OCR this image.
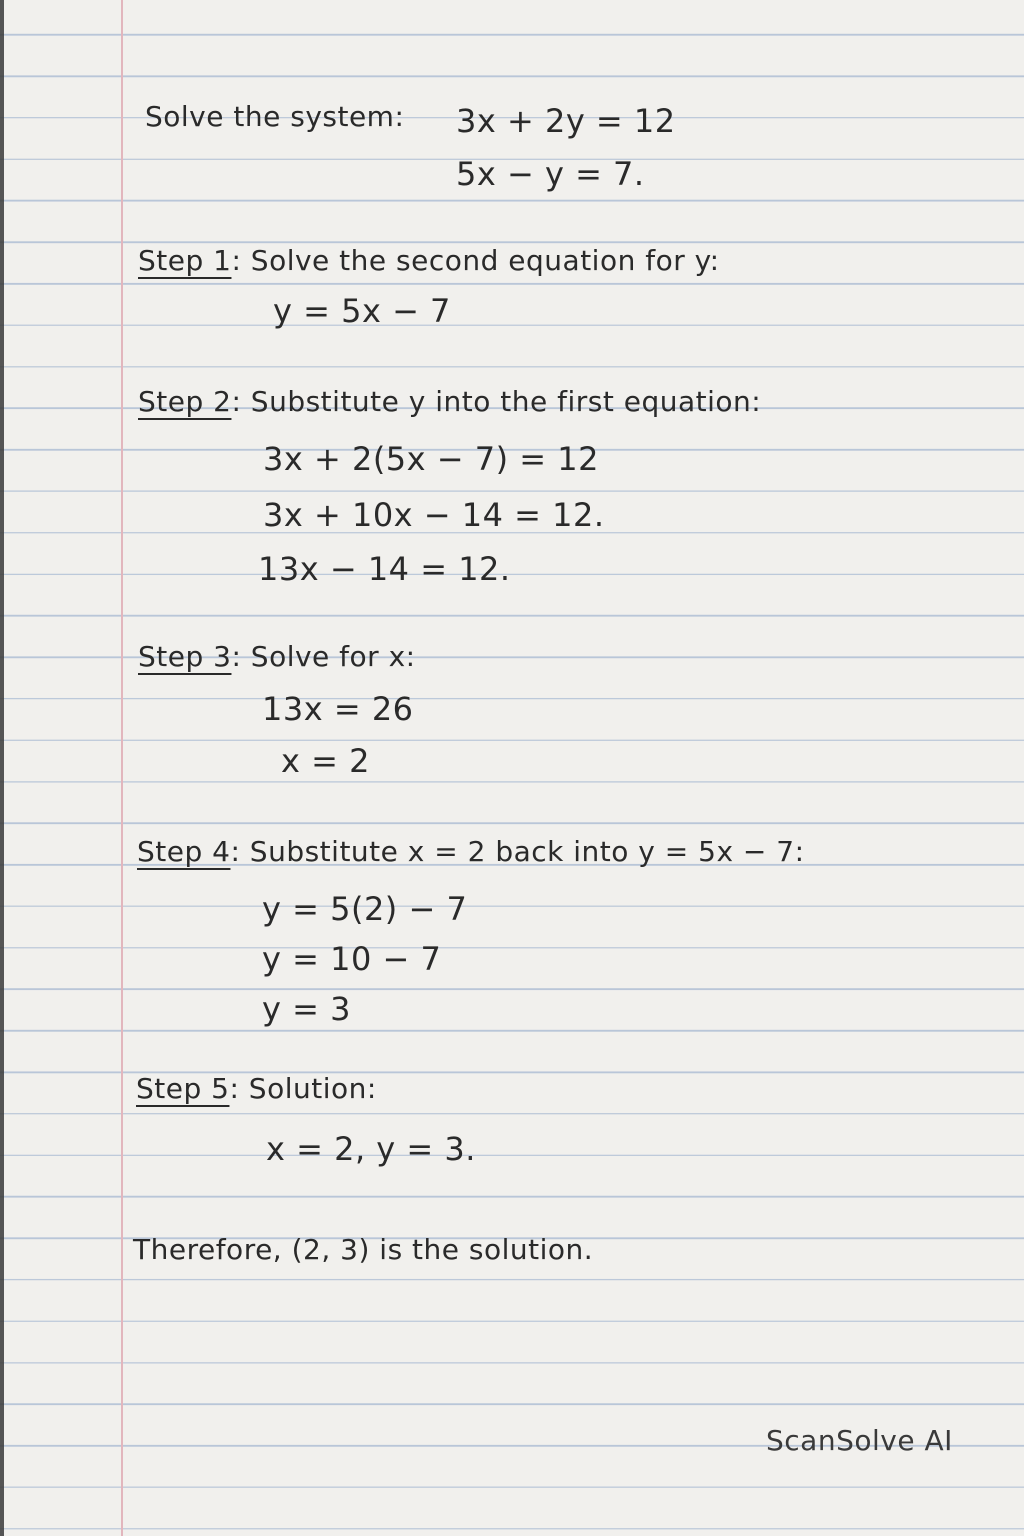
Solve the system: 3x + 2y = 12
5x − y = 7.
Step 1: Solve the second equation for y:
y = 5x − 7
Step 2: Substitute y into the first equation:
3x + 2(5x − 7) = 12
3x + 10x − 14 = 12.
13x − 14 = 12.
Step 3: Solve for x:
13x = 26
x = 2
Step 4: Substitute x = 2 back into y = 5x − 7:
y = 5(2) − 7
y = 10 − 7
y = 3
Step 5: Solution:
x = 2, y = 3.
Therefore, (2, 3) is the solution.
ScanSolve AI
